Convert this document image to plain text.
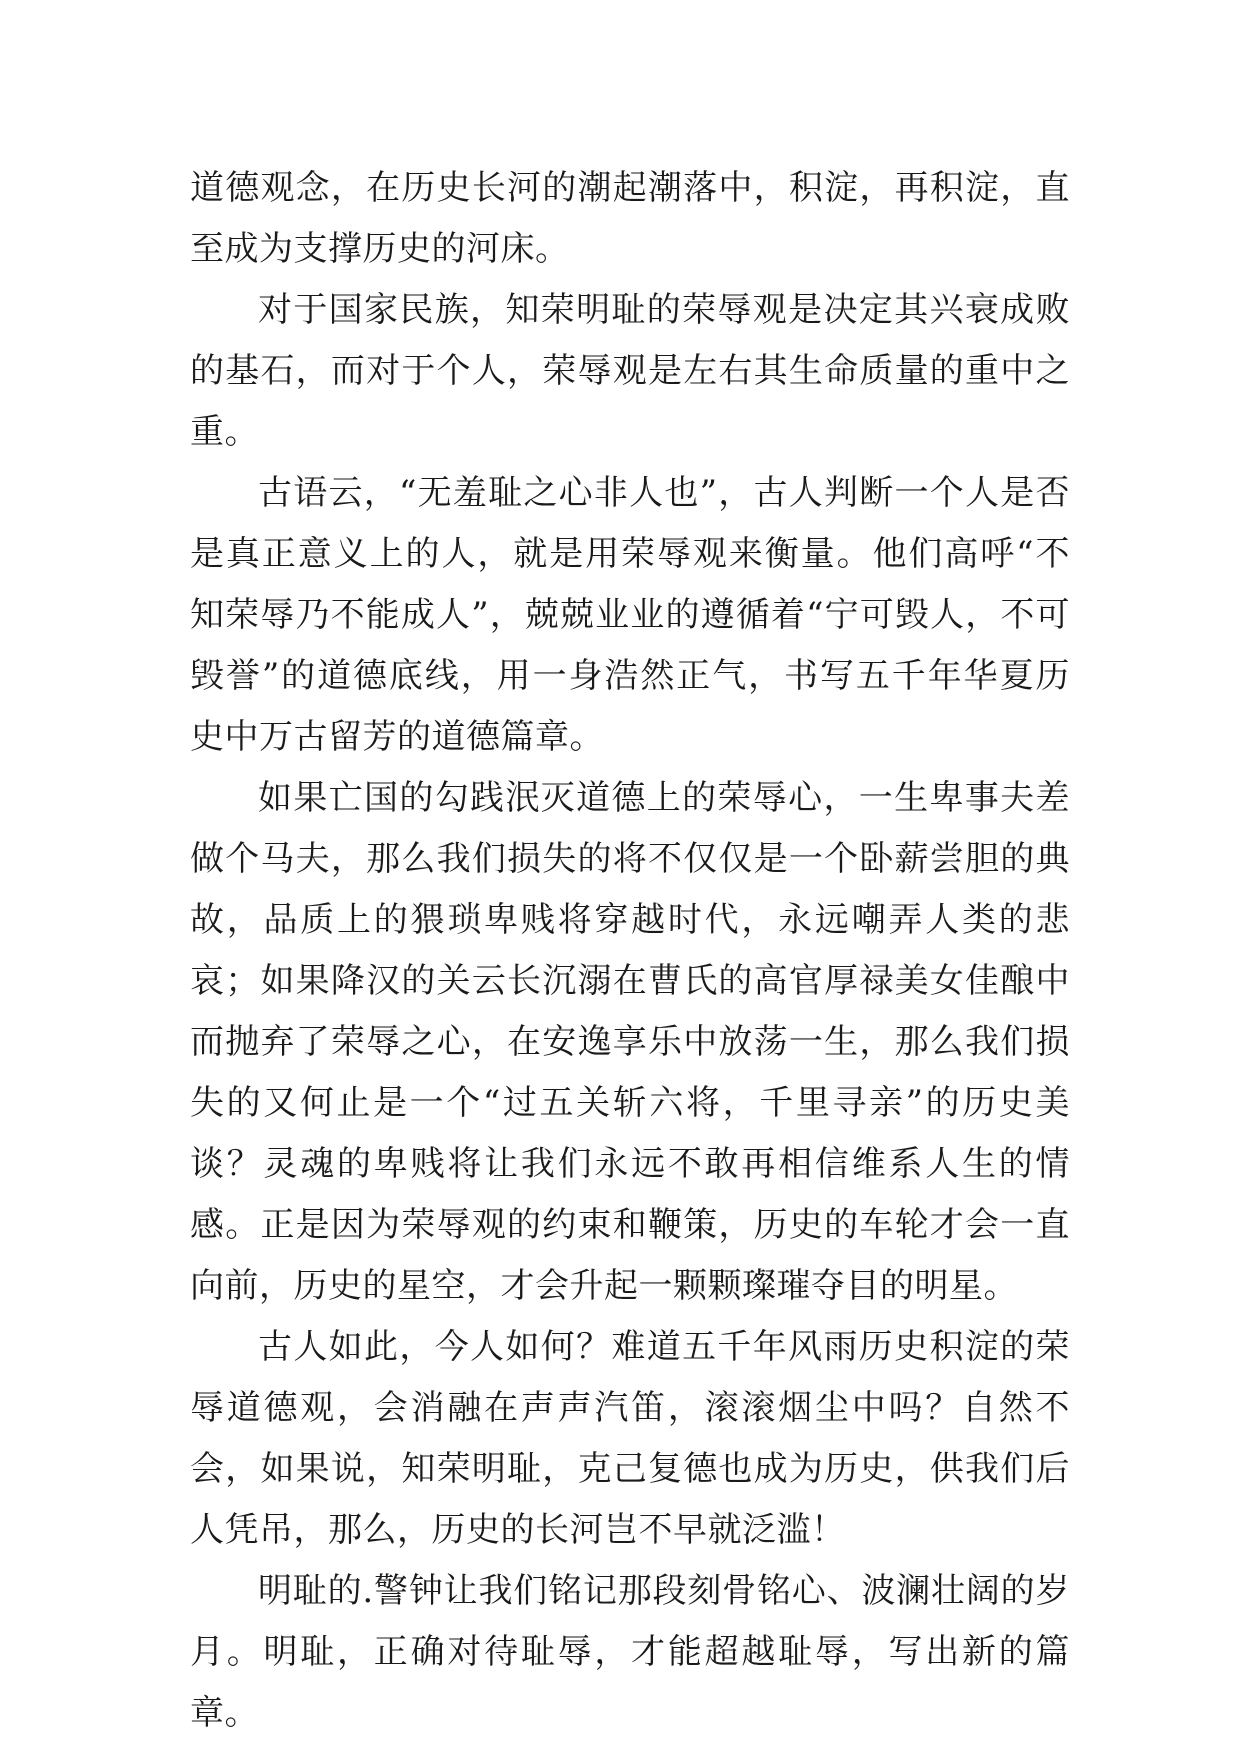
道德观念，在历史长河的潮起潮落中，积淀，再积淀，直至成为支撑历史的河床。

对于国家民族，知荣明耻的荣辱观是决定其兴衰成败的基石，而对于个人，荣辱观是左右其生命质量的重中之重。

古语云，“无羞耻之心非人也”，古人判断一个人是否是真正意义上的人，就是用荣辱观来衡量。他们高呼“不知荣辱乃不能成人”，兢兢业业的遵循着“宁可毁人，不可毁誉”的道德底线，用一身浩然正气，书写五千年华夏历史中万古留芳的道德篇章。

如果亡国的勾践泯灭道德上的荣辱心，一生卑事夫差做个马夫，那么我们损失的将不仅仅是一个卧薪尝胆的典故，品质上的猥琐卑贱将穿越时代，永远嘲弄人类的悲哀；如果降汉的关云长沉溺在曹氏的高官厚禄美女佳酿中而抛弃了荣辱之心，在安逸享乐中放荡一生，那么我们损失的又何止是一个“过五关斩六将，千里寻亲”的历史美谈？灵魂的卑贱将让我们永远不敢再相信维系人生的情感。正是因为荣辱观的约束和鞭策，历史的车轮才会一直向前，历史的星空，才会升起一颗颗璨璀夺目的明星。

古人如此，今人如何？难道五千年风雨历史积淀的荣辱道德观，会消融在声声汽笛，滚滚烟尘中吗？自然不会，如果说，知荣明耻，克己复德也成为历史，供我们后人凭吊，那么，历史的长河岂不早就泛滥！

明耻的.警钟让我们铭记那段刻骨铭心、波澜壮阔的岁月。明耻，正确对待耻辱，才能超越耻辱，写出新的篇章。
